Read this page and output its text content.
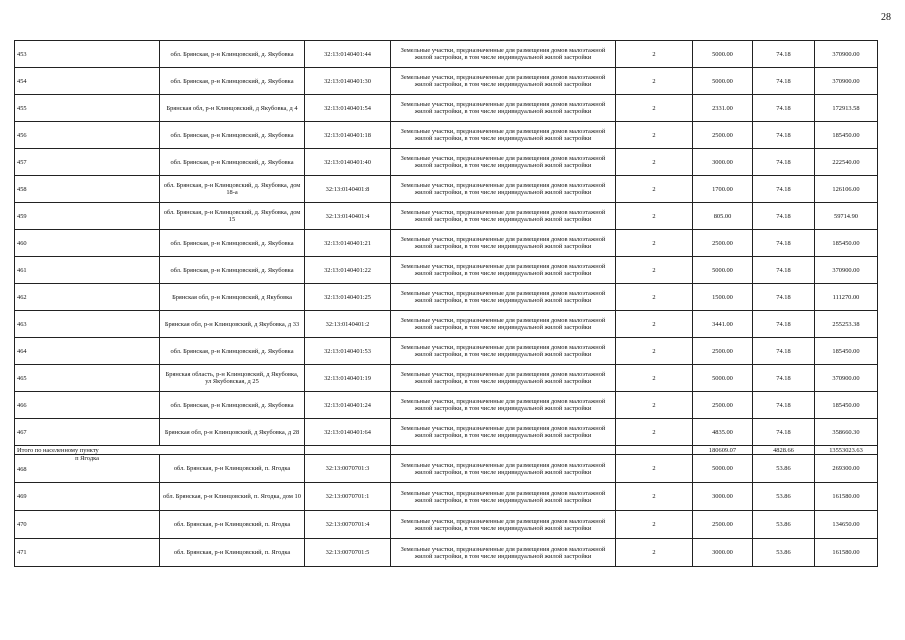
28
453	обл. Брянская, р-н Клинцовский, д. Якубовка	32:13:0140401:44	Земельные участки, предназначенные для размещения домов малоэтажной жилой застройки, в том числе индивидуальной жилой застройки	2	5000.00	74.18	370900.00
454	обл. Брянская, р-н Клинцовский, д. Якубовка	32:13:0140401:30	Земельные участки, предназначенные для размещения домов малоэтажной жилой застройки, в том числе индивидуальной жилой застройки	2	5000.00	74.18	370900.00
455	Брянская обл, р-н Клинцовский, д Якубовка, д 4	32:13:0140401:54	Земельные участки, предназначенные для размещения домов малоэтажной жилой застройки, в том числе индивидуальной жилой застройки	2	2331.00	74.18	172913.58
456	обл. Брянская, р-н Клинцовский, д. Якубовка	32:13:0140401:18	Земельные участки, предназначенные для размещения домов малоэтажной жилой застройки, в том числе индивидуальной жилой застройки	2	2500.00	74.18	185450.00
457	обл. Брянская, р-н Клинцовский, д. Якубовка	32:13:0140401:40	Земельные участки, предназначенные для размещения домов малоэтажной жилой застройки, в том числе индивидуальной жилой застройки	2	3000.00	74.18	222540.00
458	обл. Брянская, р-н Клинцовский, д. Якубовка, дом 18-а	32:13:0140401:8	Земельные участки, предназначенные для размещения домов малоэтажной жилой застройки, в том числе индивидуальной жилой застройки	2	1700.00	74.18	126106.00
459	обл. Брянская, р-н Клинцовский, д. Якубовка, дом 15	32:13:0140401:4	Земельные участки, предназначенные для размещения домов малоэтажной жилой застройки, в том числе индивидуальной жилой застройки	2	805.00	74.18	59714.90
460	обл. Брянская, р-н Клинцовский, д. Якубовка	32:13:0140401:21	Земельные участки, предназначенные для размещения домов малоэтажной жилой застройки, в том числе индивидуальной жилой застройки	2	2500.00	74.18	185450.00
461	обл. Брянская, р-н Клинцовский, д. Якубовка	32:13:0140401:22	Земельные участки, предназначенные для размещения домов малоэтажной жилой застройки, в том числе индивидуальной жилой застройки	2	5000.00	74.18	370900.00
462	Брянская обл, р-н Клинцовский, д Якубовка	32:13:0140401:25	Земельные участки, предназначенные для размещения домов малоэтажной жилой застройки, в том числе индивидуальной жилой застройки	2	1500.00	74.18	111270.00
463	Брянская обл, р-н Клинцовский, д Якубовка, д 33	32:13:0140401:2	Земельные участки, предназначенные для размещения домов малоэтажной жилой застройки, в том числе индивидуальной жилой застройки	2	3441.00	74.18	255253.38
464	обл. Брянская, р-н Клинцовский, д. Якубовка	32:13:0140401:53	Земельные участки, предназначенные для размещения домов малоэтажной жилой застройки, в том числе индивидуальной жилой застройки	2	2500.00	74.18	185450.00
465	Брянская область, р-н Клинцовский, д Якубовка, ул Якубовская, д 25	32:13:0140401:19	Земельные участки, предназначенные для размещения домов малоэтажной жилой застройки, в том числе индивидуальной жилой застройки	2	5000.00	74.18	370900.00
466	обл. Брянская, р-н Клинцовский, д. Якубовка	32:13:0140401:24	Земельные участки, предназначенные для размещения домов малоэтажной жилой застройки, в том числе индивидуальной жилой застройки	2	2500.00	74.18	185450.00
467	Брянская обл, р-н Клинцовский, д Якубовка, д 28	32:13:0140401:64	Земельные участки, предназначенные для размещения домов малоэтажной жилой застройки, в том числе индивидуальной жилой застройки	2	4835.00	74.18	358660.30
Итого по населенному пункту					180609.07	4828.66	13553023.63

п Ягодка
468	обл. Брянская, р-н Клинцовский, п. Ягодка	32:13:0070701:3	Земельные участки, предназначенные для размещения домов малоэтажной жилой застройки, в том числе индивидуальной жилой застройки	2	5000.00	53.86	269300.00
469	обл. Брянская, р-н Клинцовский, п. Ягодка, дом 10	32:13:0070701:1	Земельные участки, предназначенные для размещения домов малоэтажной жилой застройки, в том числе индивидуальной жилой застройки	2	3000.00	53.86	161580.00
470	обл. Брянская, р-н Клинцовский, п. Ягодка	32:13:0070701:4	Земельные участки, предназначенные для размещения домов малоэтажной жилой застройки, в том числе индивидуальной жилой застройки	2	2500.00	53.86	134650.00
471	обл. Брянская, р-н Клинцовский, п. Ягодка	32:13:0070701:5	Земельные участки, предназначенные для размещения домов малоэтажной жилой застройки, в том числе индивидуальной жилой застройки	2	3000.00	53.86	161580.00
